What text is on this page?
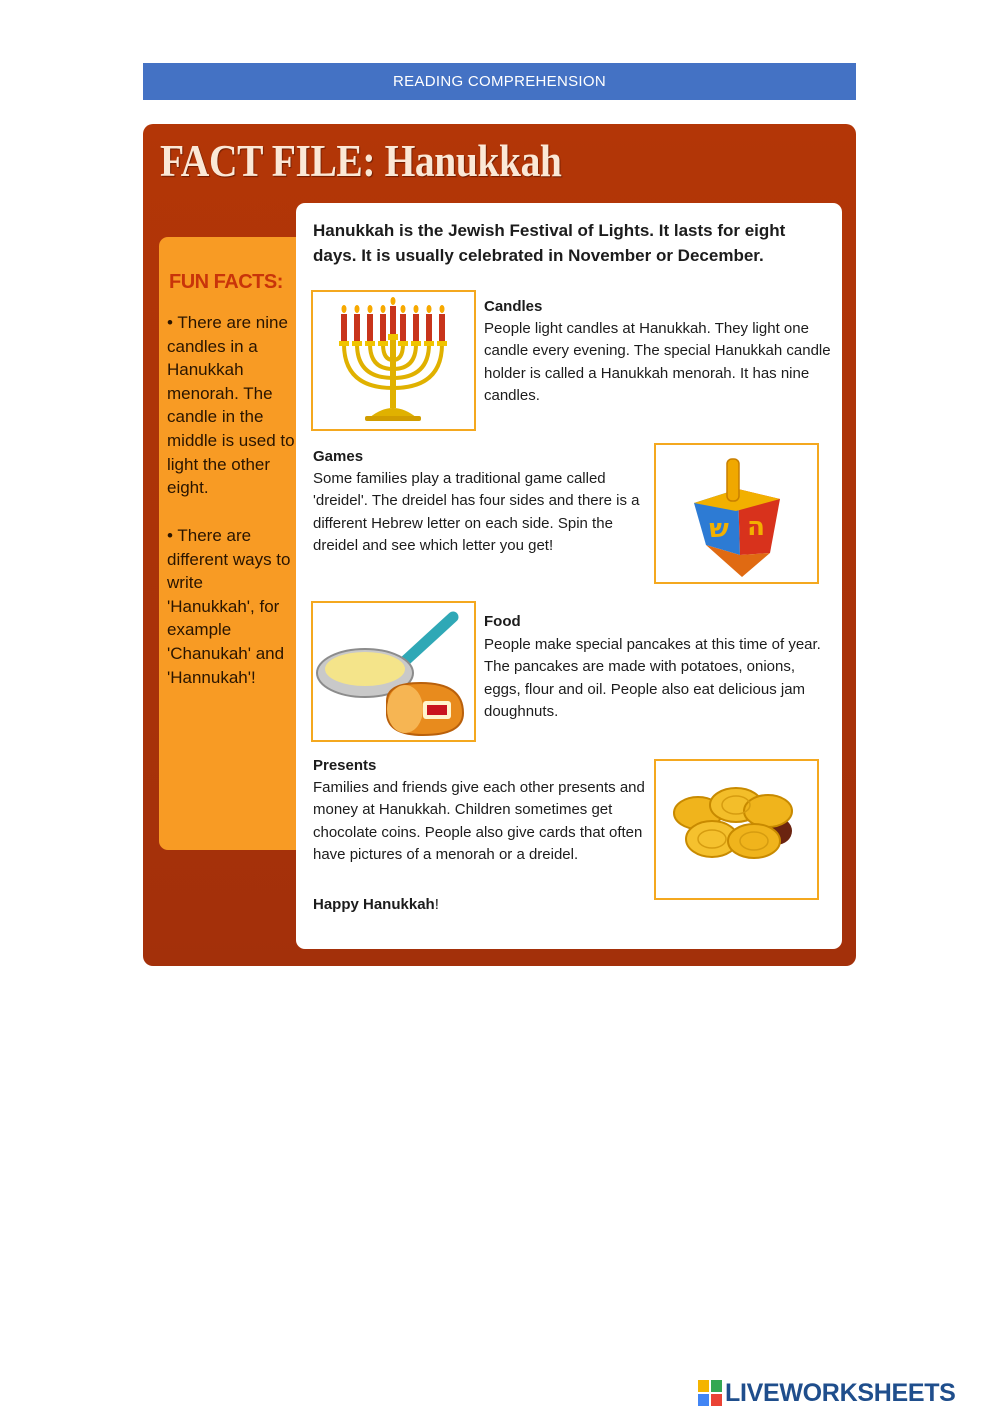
READING COMPREHENSION
FACT FILE: Hanukkah
FUN FACTS:

• There are nine candles in a Hanukkah menorah. The candle in the middle is used to light the other eight.

• There are different ways to write 'Hanukkah', for example 'Chanukah' and 'Hannukah'!

Hanukkah is the Jewish Festival of Lights. It lasts for eight days. It is usually celebrated in November or December.

Candles

People light candles at Hanukkah. They light one candle every evening. The special Hanukkah candle holder is called a Hanukkah menorah. It has nine candles.

Games

Some families play a traditional game called 'dreidel'. The dreidel has four sides and there is a different Hebrew letter on each side. Spin the dreidel and see which letter you get!

ש ה
Food

People make special pancakes at this time of year. The pancakes are made with potatoes, onions, eggs, flour and oil. People also eat delicious jam doughnuts.

Presents

Families and friends give each other presents and money at Hanukkah. Children sometimes get chocolate coins. People also give cards that often have pictures of a menorah or a dreidel.

Happy Hanukkah!

LIVEWORKSHEETS
